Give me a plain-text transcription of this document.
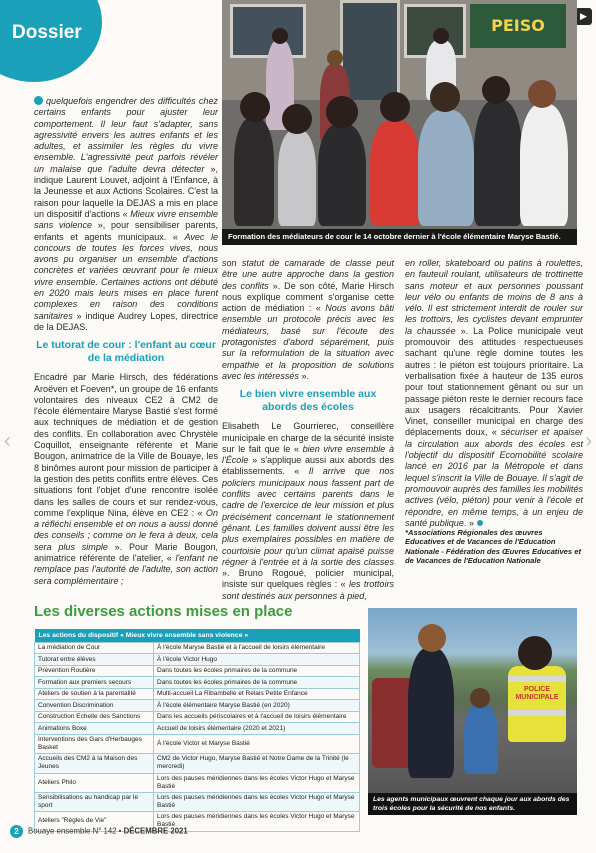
Dossier
▶
‹	›
PEISO
Formation des médiateurs de cour le 14 octobre dernier à l'école élémentaire Maryse Bastié.

quelquefois engendrer des difficultés chez certains enfants pour ajuster leur comportement. Il leur faut s'adapter, sans agressivité envers les autres enfants et les adultes, et assimiler les règles du vivre ensemble. L'agressivité peut parfois révéler un malaise que l'adulte devra détecter », indique Laurent Louvet, adjoint à l'Enfance, à la Jeunesse et aux Actions Scolaires. C'est la raison pour laquelle la DEJAS a mis en place un dispositif d'actions « Mieux vivre ensemble sans violence », pour sensibiliser parents, enfants et agents municipaux. « Avec le concours de toutes les forces vives, nous avons pu organiser un ensemble d'actions concrètes et variées œuvrant pour le mieux vivre ensemble. Certaines actions ont débuté en 2020 mais leurs mises en place furent complexes en raison des conditions sanitaires » indique Audrey Lopes, directrice de la DEJAS.

Le tutorat de cour : l'enfant au cœur de la médiation

Encadré par Marie Hirsch, des fédérations Aroëven et Foeven*, un groupe de 16 enfants volontaires des niveaux CE2 à CM2 de l'école élémentaire Maryse Bastié s'est formé aux techniques de médiation et de gestion des conflits. En collaboration avec Chrystèle Coquillot, enseignante référente et Marie Bougon, animatrice de la Ville de Bouaye, les 8 binômes auront pour mission de participer à la gestion des petits conflits entre élèves. Ces situations font l'objet d'une rencontre isolée dans les salles de cours et sur rendez-vous, comme l'explique Nina, élève en CE2 : « On a réfléchi ensemble et on nous a aussi donné des conseils ; comme on le fera à deux, cela sera plus simple ». Pour Marie Bougon, animatrice référente de l'atelier, « l'enfant ne remplace pas l'autorité de l'adulte, son action sera complémentaire ;

son statut de camarade de classe peut être une autre approche dans la gestion des conflits ». De son côté, Marie Hirsch nous explique comment s'organise cette action de médiation : « Nous avons bâti ensemble un protocole précis avec les médiateurs, basé sur l'écoute des protagonistes d'abord séparément, puis sur la reformulation de la situation avec empathie et la proposition de solutions avec les intéressés ».

Le bien vivre ensemble aux abords des écoles

Elisabeth Le Gourrierec, conseillère municipale en charge de la sécurité insiste sur le fait que le « bien vivre ensemble à l'École » s'applique aussi aux abords des établissements. « Il arrive que nos policiers municipaux nous fassent part de conflits avec certains parents dans le cadre de l'exercice de leur mission et plus précisément concernant le stationnement gênant. Les familles doivent aussi être les plus exemplaires possibles en matière de courtoisie pour qu'un climat apaisé puisse régner à l'entrée et à la sortie des classes ». Bruno Rogoué, policier municipal, insiste sur quelques règles : « les trottoirs sont destinés aux personnes à pied,

en roller, skateboard ou patins à roulettes, en fauteuil roulant, utilisateurs de trottinette sans moteur et aux personnes poussant leur vélo ou enfants de moins de 8 ans à vélo. Il est strictement interdit de rouler sur les trottoirs, les cyclistes devant emprunter la chaussée ». La Police municipale veut promouvoir des attitudes respectueuses sachant qu'une règle domine toutes les autres : le piéton est toujours prioritaire. La verbalisation fixée à hauteur de 135 euros pour tout stationnement gênant ou sur un passage piéton reste le dernier recours face aux usagers récalcitrants. Pour Xavier Vinet, conseiller municipal en charge des déplacements doux, « sécuriser et apaiser la circulation aux abords des écoles est l'objectif du dispositif Ecomobilité scolaire lancé en 2016 par la Métropole et dans lequel s'inscrit la Ville de Bouaye. Il s'agit de promouvoir auprès des familles les mobilités actives (vélo, piéton) pour venir à l'école et répondre, en même temps, à un enjeu de santé publique. »

*Associations Régionales des œuvres Educatives et de Vacances de l'Education Nationale - Fédération des Œuvres Educatives et de Vacances de l'Education Nationale
Les diverses actions mises en place
Les actions du dispositif « Mieux vivre ensemble sans violence »	
La médiation de Cour	À l'école Maryse Bastié et à l'accueil de loisirs élémentaire
Tutorat entre élèves	À l'école Victor Hugo
Prévention Routière	Dans toutes les écoles primaires de la commune
Formation aux premiers secours	Dans toutes les écoles primaires de la commune
Ateliers de soutien à la parentalité	Multi-accueil La Ribambelle et Relais Petite Enfance
Convention Discrimination	À l'école élémentaire Maryse Bastié (en 2020)
Construction Echelle des Sanctions	Dans les accueils périscolaires et à l'accueil de loisirs élémentaire
Animations Boxe	Accueil de loisirs élémentaire (2020 et 2021)
Interventions des Gars d'Herbauges Basket	À l'école Victor et Maryse Bastié
Accueils des CM2 à la Maison des Jeunes	CM2 de Victor Hugo, Maryse Bastié et Notre Dame de la Trinité (le mercredi)
Ateliers Philo	Lors des pauses méridiennes dans les écoles Victor Hugo et Maryse Bastié
Sensibilisations au handicap par le sport	Lors des pauses méridiennes dans les écoles Victor Hugo et Maryse Bastié
Ateliers "Règles de Vie"	Lors des pauses méridiennes dans les écoles Victor Hugo et Maryse Bastié
POLICE MUNICIPALE
Les agents municipaux œuvrent chaque jour aux abords des trois écoles pour la sécurité de nos enfants.
2 Bouaye ensemble N° 142 • DÉCEMBRE 2021
